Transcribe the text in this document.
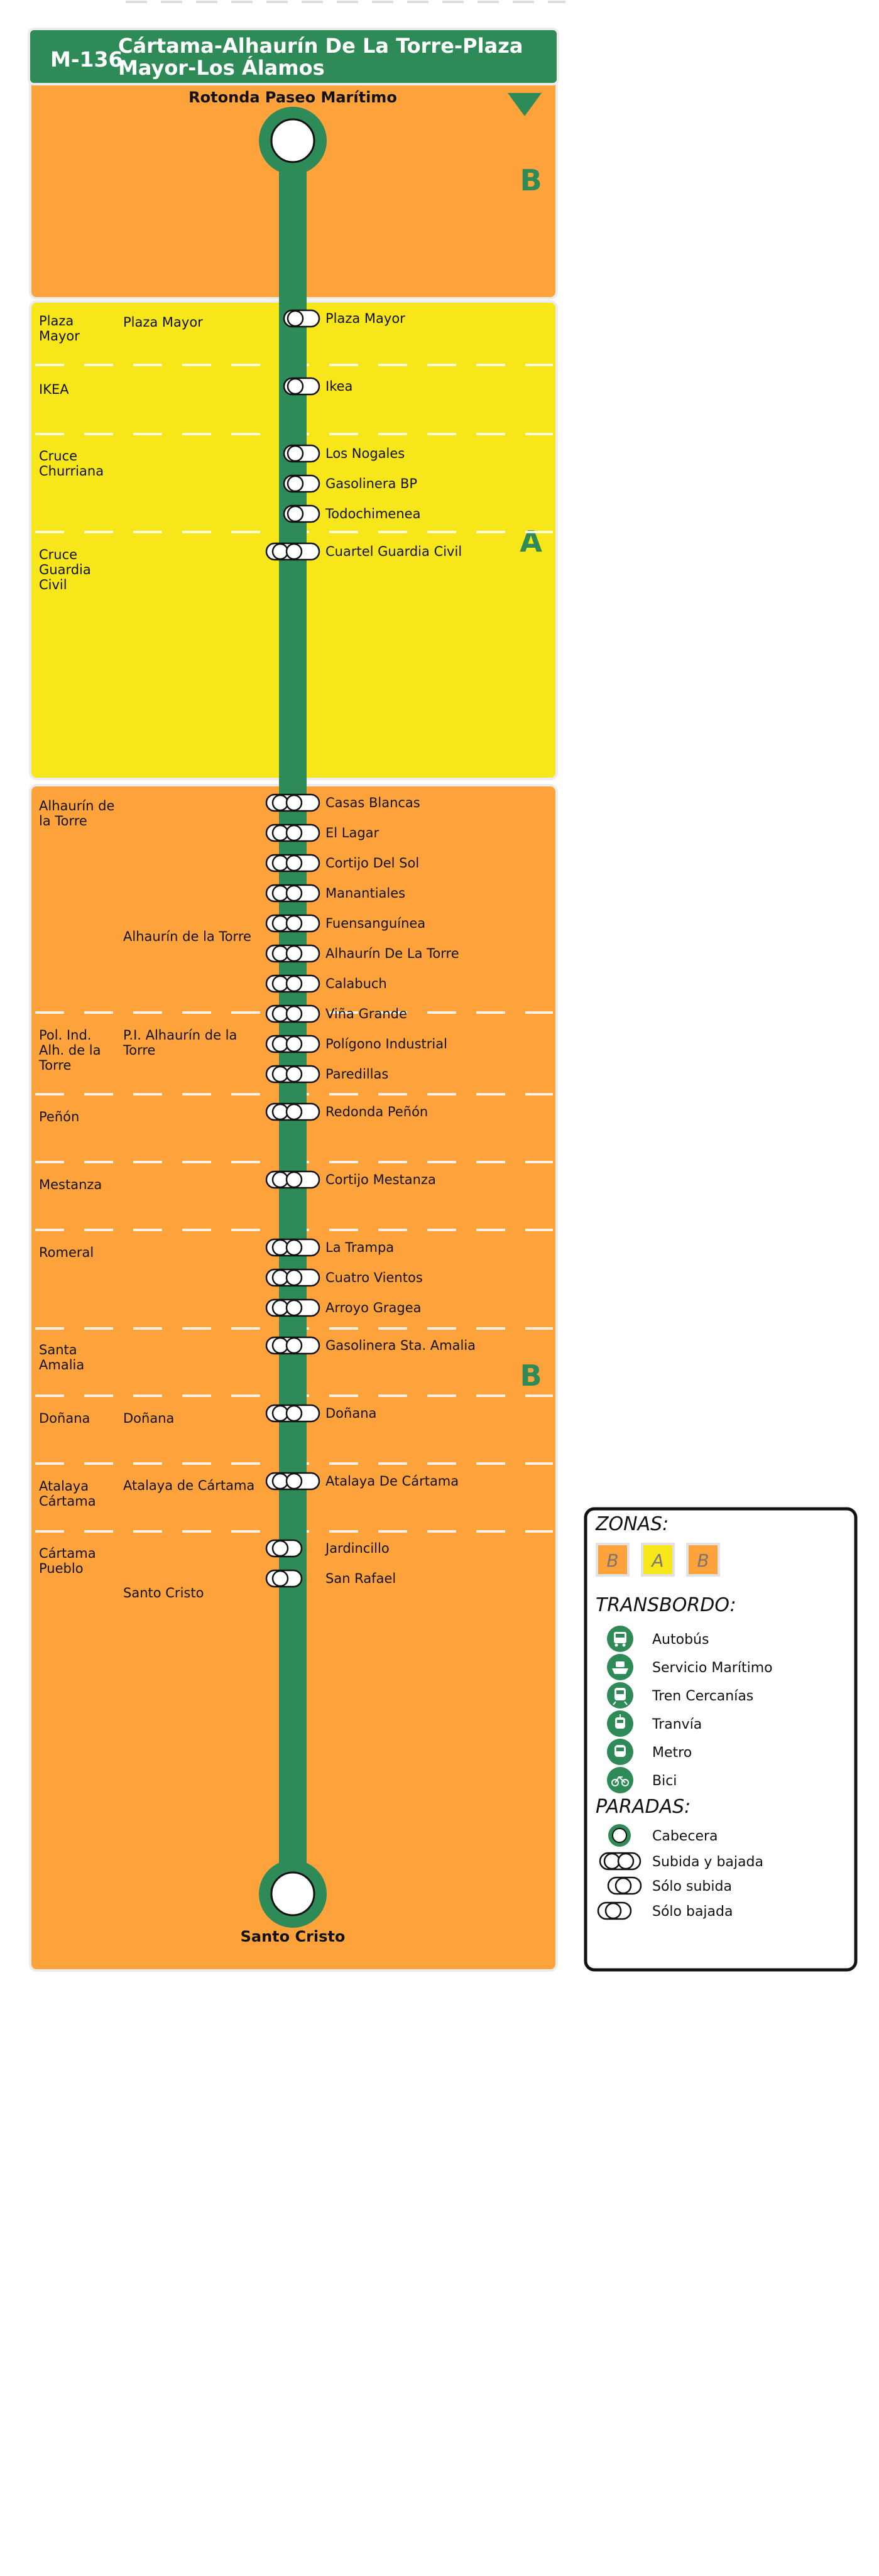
B
A
B
Rotonda Paseo Marítimo
Santo Cristo
Plaza Mayor
Ikea
Los Nogales
Gasolinera BP
Todochimenea
Cuartel Guardia Civil
Casas Blancas
El Lagar
Cortijo Del Sol
Manantiales
Fuensanguínea
Alhaurín De La Torre
Calabuch
Viña Grande
Polígono Industrial
Paredillas
Redonda Peñón
Cortijo Mestanza
La Trampa
Cuatro Vientos
Arroyo Gragea
Gasolinera Sta. Amalia
Doñana
Atalaya De Cártama
Jardincillo
San Rafael
Plaza Mayor
IKEA
Cruce Churriana
Cruce Guardia Civil
Alhaurín de la Torre
Pol. Ind. Alh. de la Torre
Peñón
Mestanza
Romeral
Santa Amalia
Doñana
Atalaya Cártama
Cártama Pueblo
Plaza Mayor
Alhaurín de la Torre
P.I. Alhaurín de la Torre
Doñana
Atalaya de Cártama
Santo Cristo
M-136
Cártama-Alhaurín De La Torre-Plaza
Mayor-Los Álamos
ZONAS:
B A B
TRANSBORDO:
Autobús
Servicio Marítimo
Tren Cercanías
Tranvía
Metro
Bici
PARADAS:
Cabecera
Subida y bajada
Sólo subida
Sólo bajada
